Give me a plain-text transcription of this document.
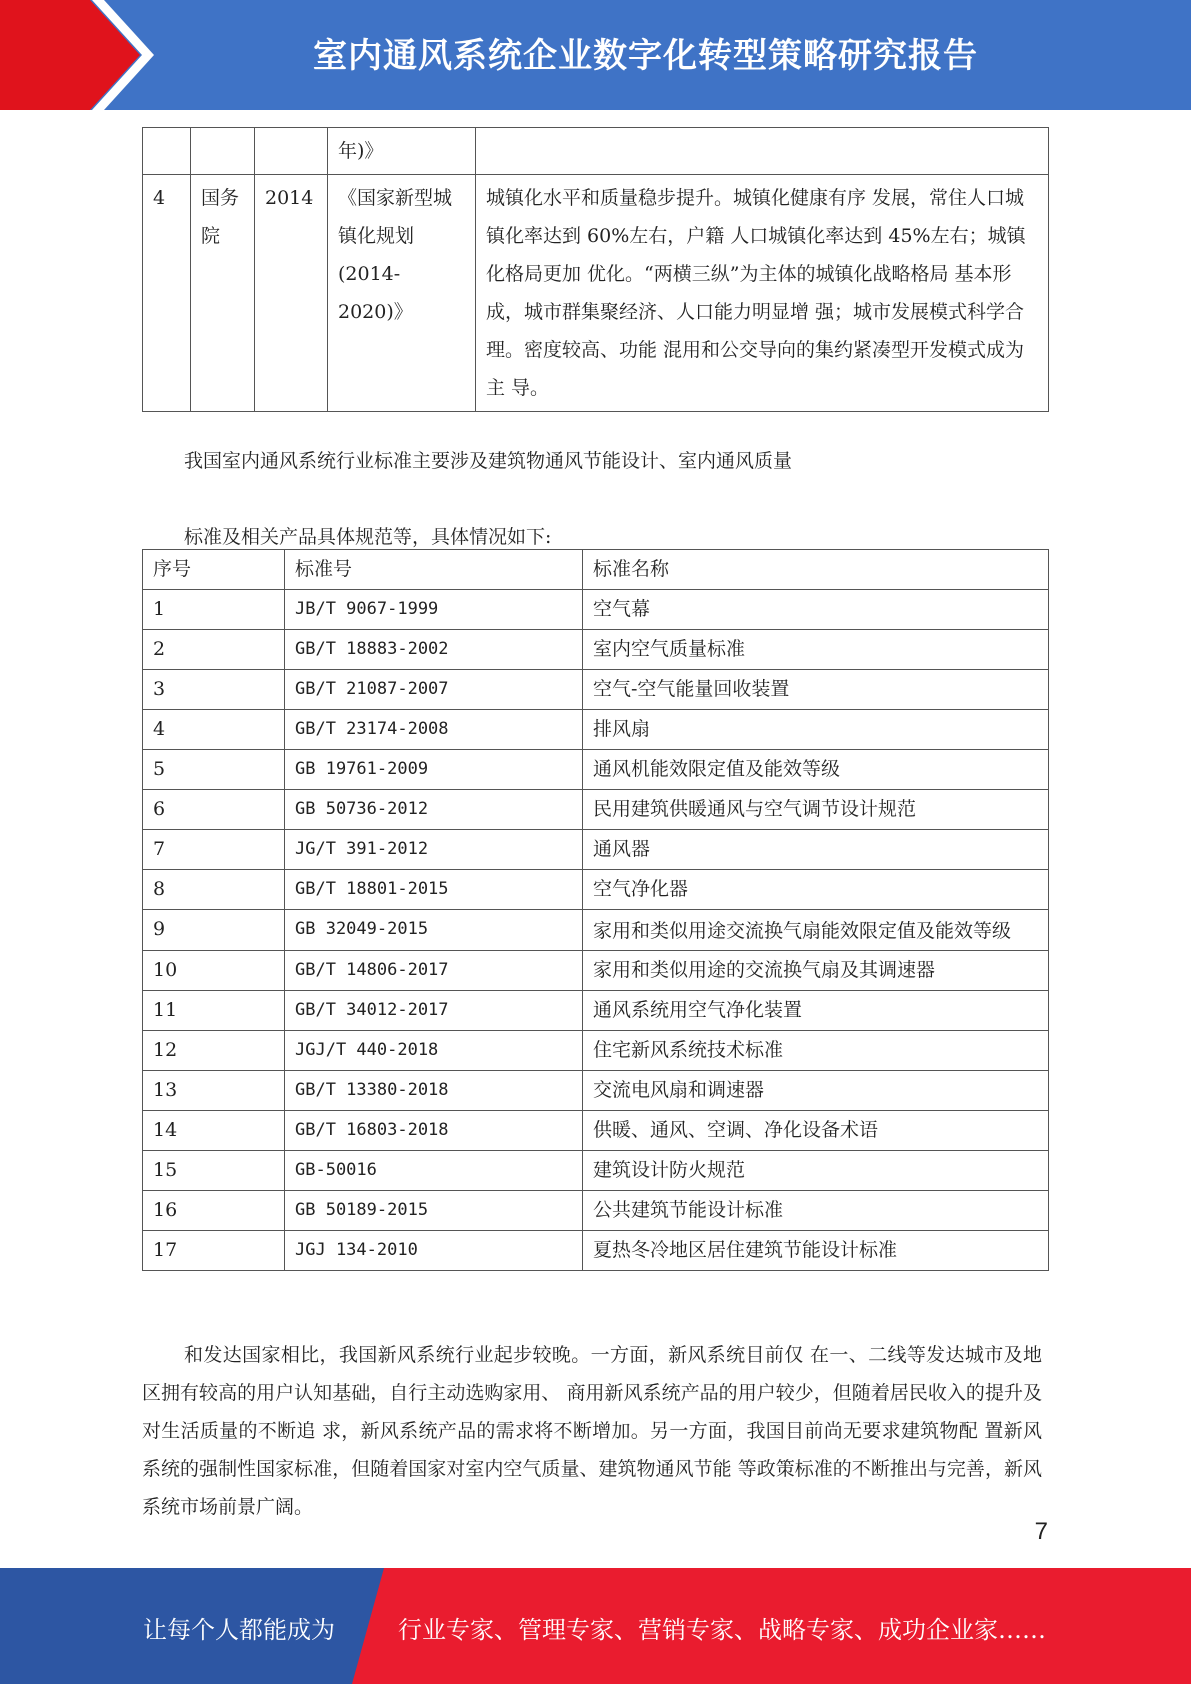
室内通风系统企业数字化转型策略研究报告
			年)》	
4	国务院	2014	《国家新型城镇化规划(2014-2020)》	城镇化水平和质量稳步提升。城镇化健康有序 发展，常住人口城镇化率达到 60%左右，户籍 人口城镇化率达到 45%左右；城镇化格局更加 优化。“两横三纵”为主体的城镇化战略格局 基本形成，城市群集聚经济、人口能力明显增 强；城市发展模式科学合理。密度较高、功能 混用和公交导向的集约紧凑型开发模式成为主 导。
我国室内通风系统行业标准主要涉及建筑物通风节能设计、室内通风质量
标准及相关产品具体规范等，具体情况如下:
序号	标准号	标准名称
1	JB/T 9067-1999	空气幕
2	GB/T 18883-2002	室内空气质量标准
3	GB/T 21087-2007	空气-空气能量回收装置
4	GB/T 23174-2008	排风扇
5	GB 19761-2009	通风机能效限定值及能效等级
6	GB 50736-2012	民用建筑供暖通风与空气调节设计规范
7	JG/T 391-2012	通风器
8	GB/T 18801-2015	空气净化器
9	GB 32049-2015	家用和类似用途交流换气扇能效限定值及能效等级
10	GB/T 14806-2017	家用和类似用途的交流换气扇及其调速器
11	GB/T 34012-2017	通风系统用空气净化装置
12	JGJ/T 440-2018	住宅新风系统技术标准
13	GB/T 13380-2018	交流电风扇和调速器
14	GB/T 16803-2018	供暖、通风、空调、净化设备术语
15	GB-50016	建筑设计防火规范
16	GB 50189-2015	公共建筑节能设计标准
17	JGJ 134-2010	夏热冬冷地区居住建筑节能设计标准
和发达国家相比，我国新风系统行业起步较晚。一方面，新风系统目前仅 在一、二线等发达城市及地区拥有较高的用户认知基础，自行主动选购家用、 商用新风系统产品的用户较少，但随着居民收入的提升及对生活质量的不断追 求，新风系统产品的需求将不断增加。另一方面，我国目前尚无要求建筑物配 置新风系统的强制性国家标准，但随着国家对室内空气质量、建筑物通风节能 等政策标准的不断推出与完善，新风系统市场前景广阔。
7
让每个人都能成为	行业专家、管理专家、营销专家、战略专家、成功企业家……
